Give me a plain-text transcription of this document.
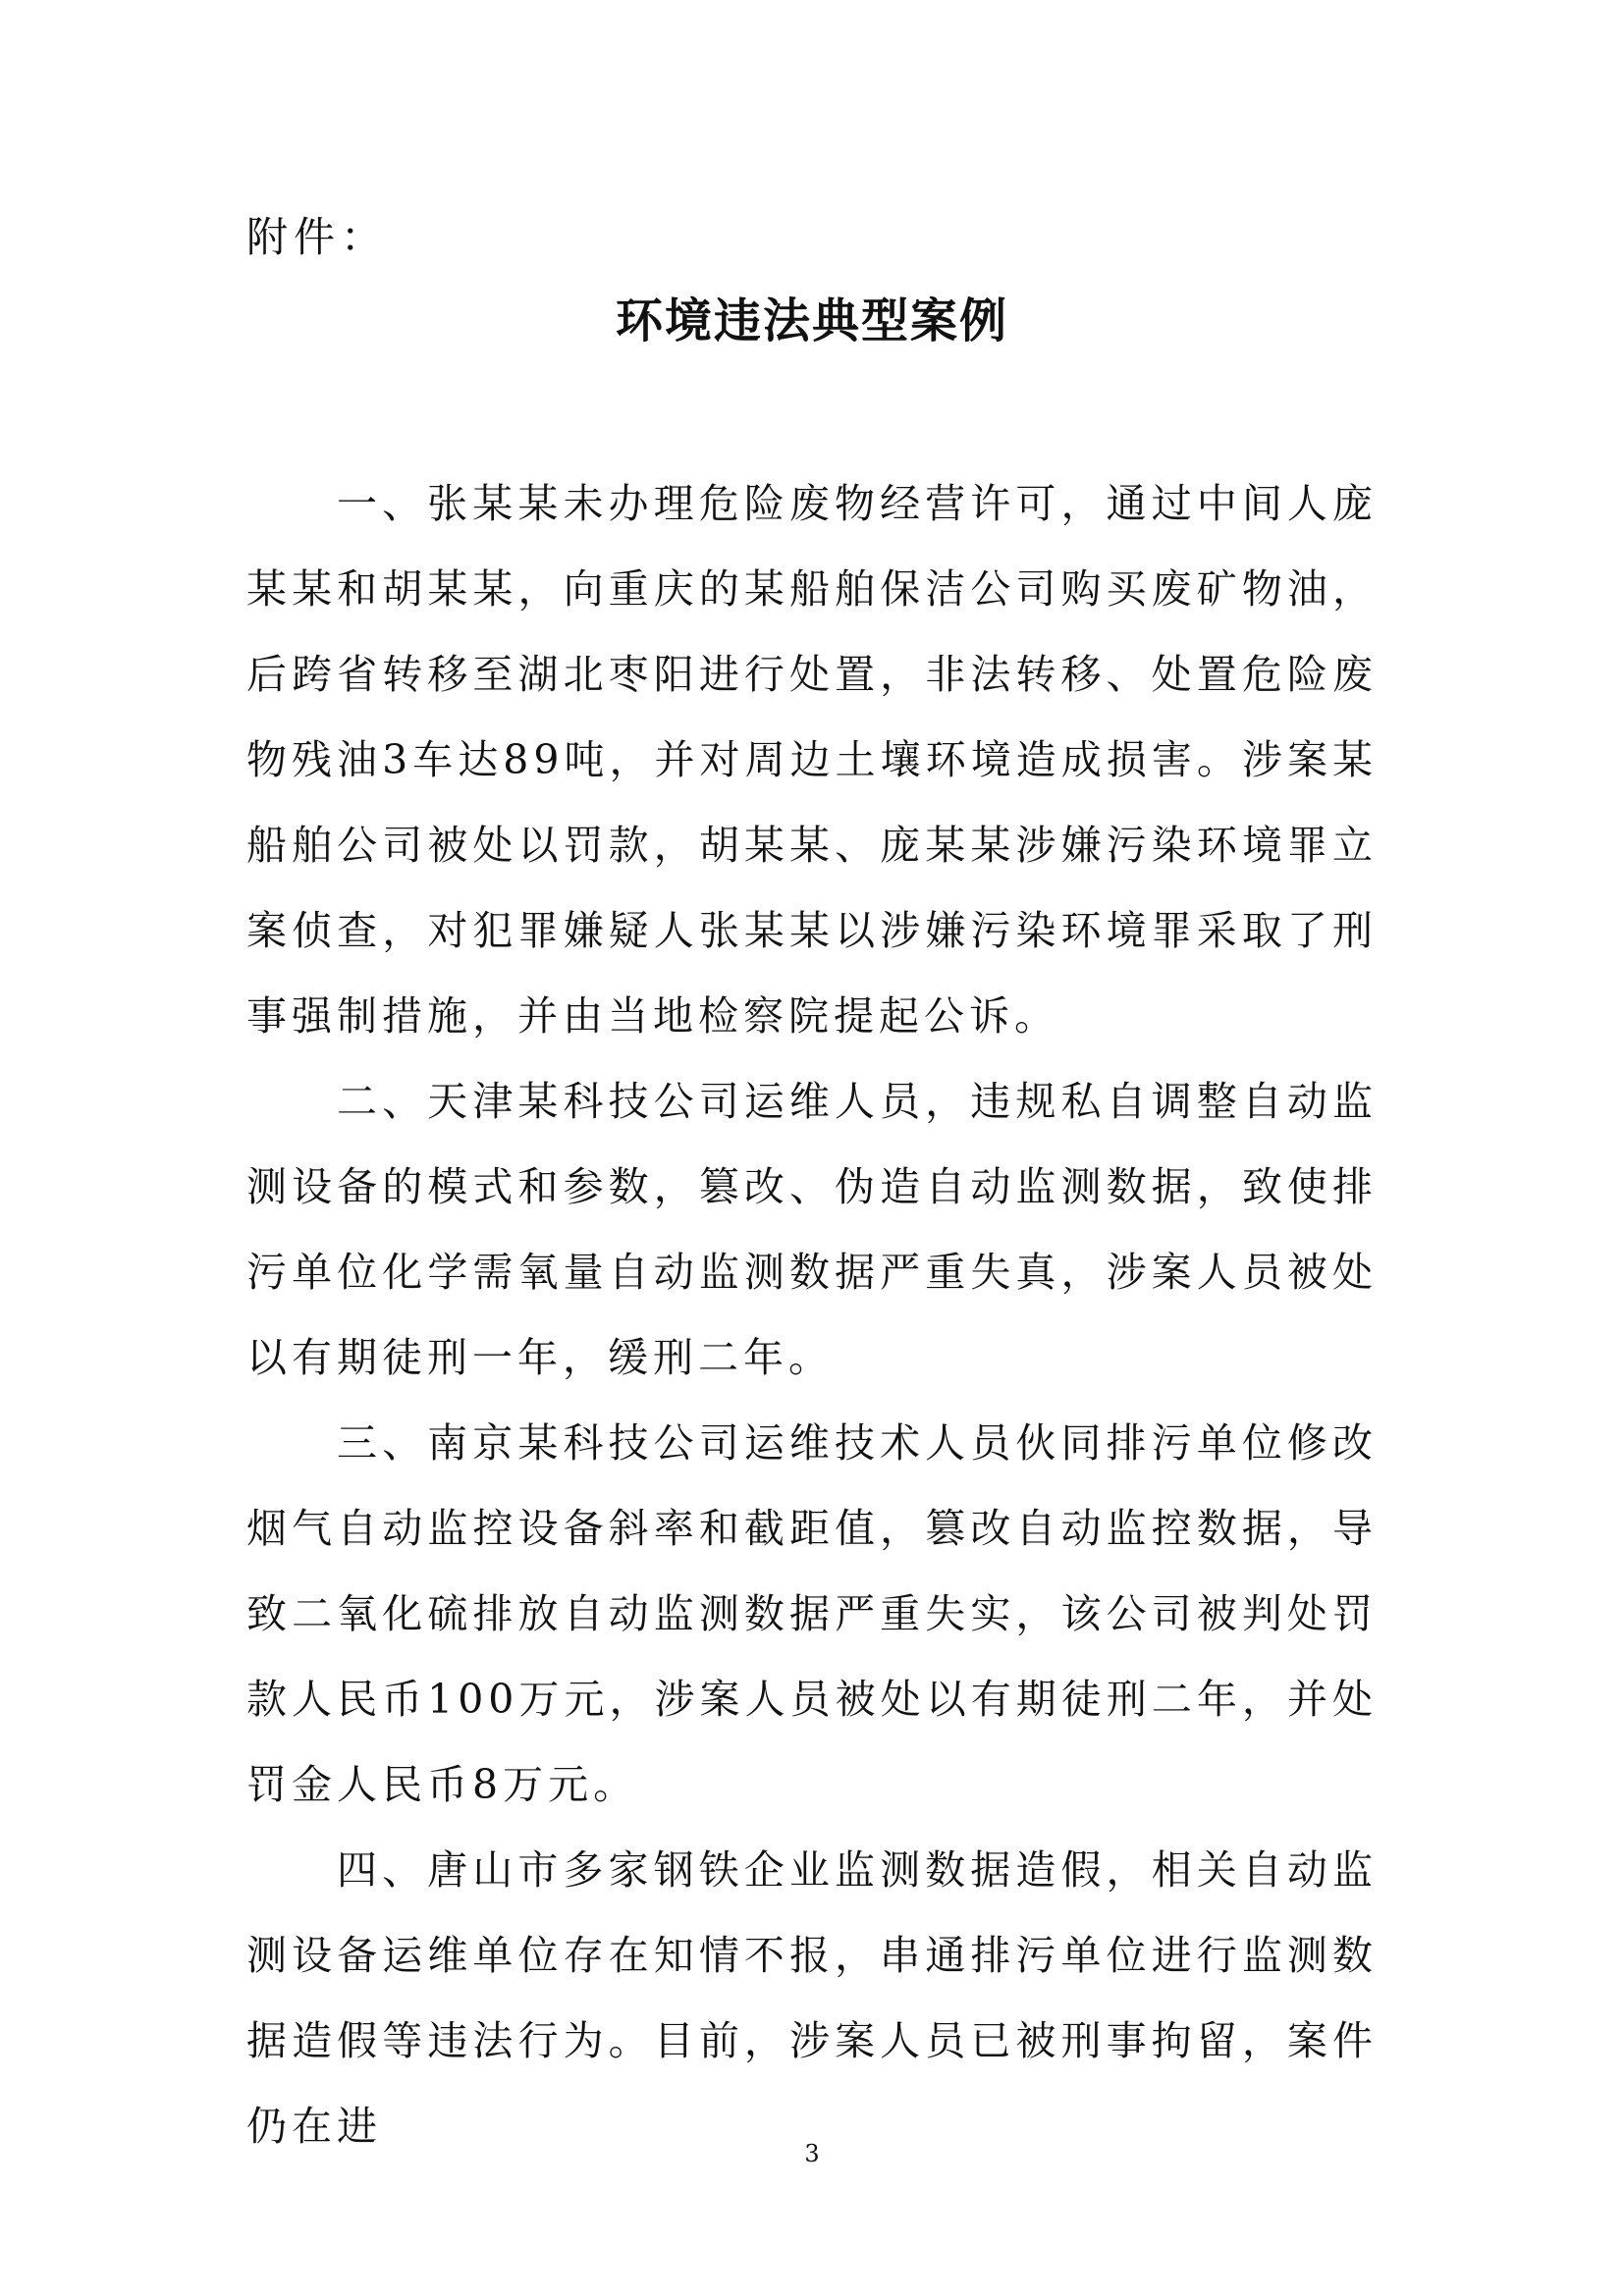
附件：
环境违法典型案例

一、张某某未办理危险废物经营许可，通过中间人庞某某和胡某某，向重庆的某船舶保洁公司购买废矿物油，后跨省转移至湖北枣阳进行处置，非法转移、处置危险废物残油3车达89吨，并对周边土壤环境造成损害。涉案某船舶公司被处以罚款，胡某某、庞某某涉嫌污染环境罪立案侦查，对犯罪嫌疑人张某某以涉嫌污染环境罪采取了刑事强制措施，并由当地检察院提起公诉。

二、天津某科技公司运维人员，违规私自调整自动监测设备的模式和参数，篡改、伪造自动监测数据，致使排污单位化学需氧量自动监测数据严重失真，涉案人员被处以有期徒刑一年，缓刑二年。

三、南京某科技公司运维技术人员伙同排污单位修改烟气自动监控设备斜率和截距值，篡改自动监控数据，导致二氧化硫排放自动监测数据严重失实，该公司被判处罚款人民币100万元，涉案人员被处以有期徒刑二年，并处罚金人民币8万元。

四、唐山市多家钢铁企业监测数据造假，相关自动监测设备运维单位存在知情不报，串通排污单位进行监测数据造假等违法行为。目前，涉案人员已被刑事拘留，案件仍在进

3
